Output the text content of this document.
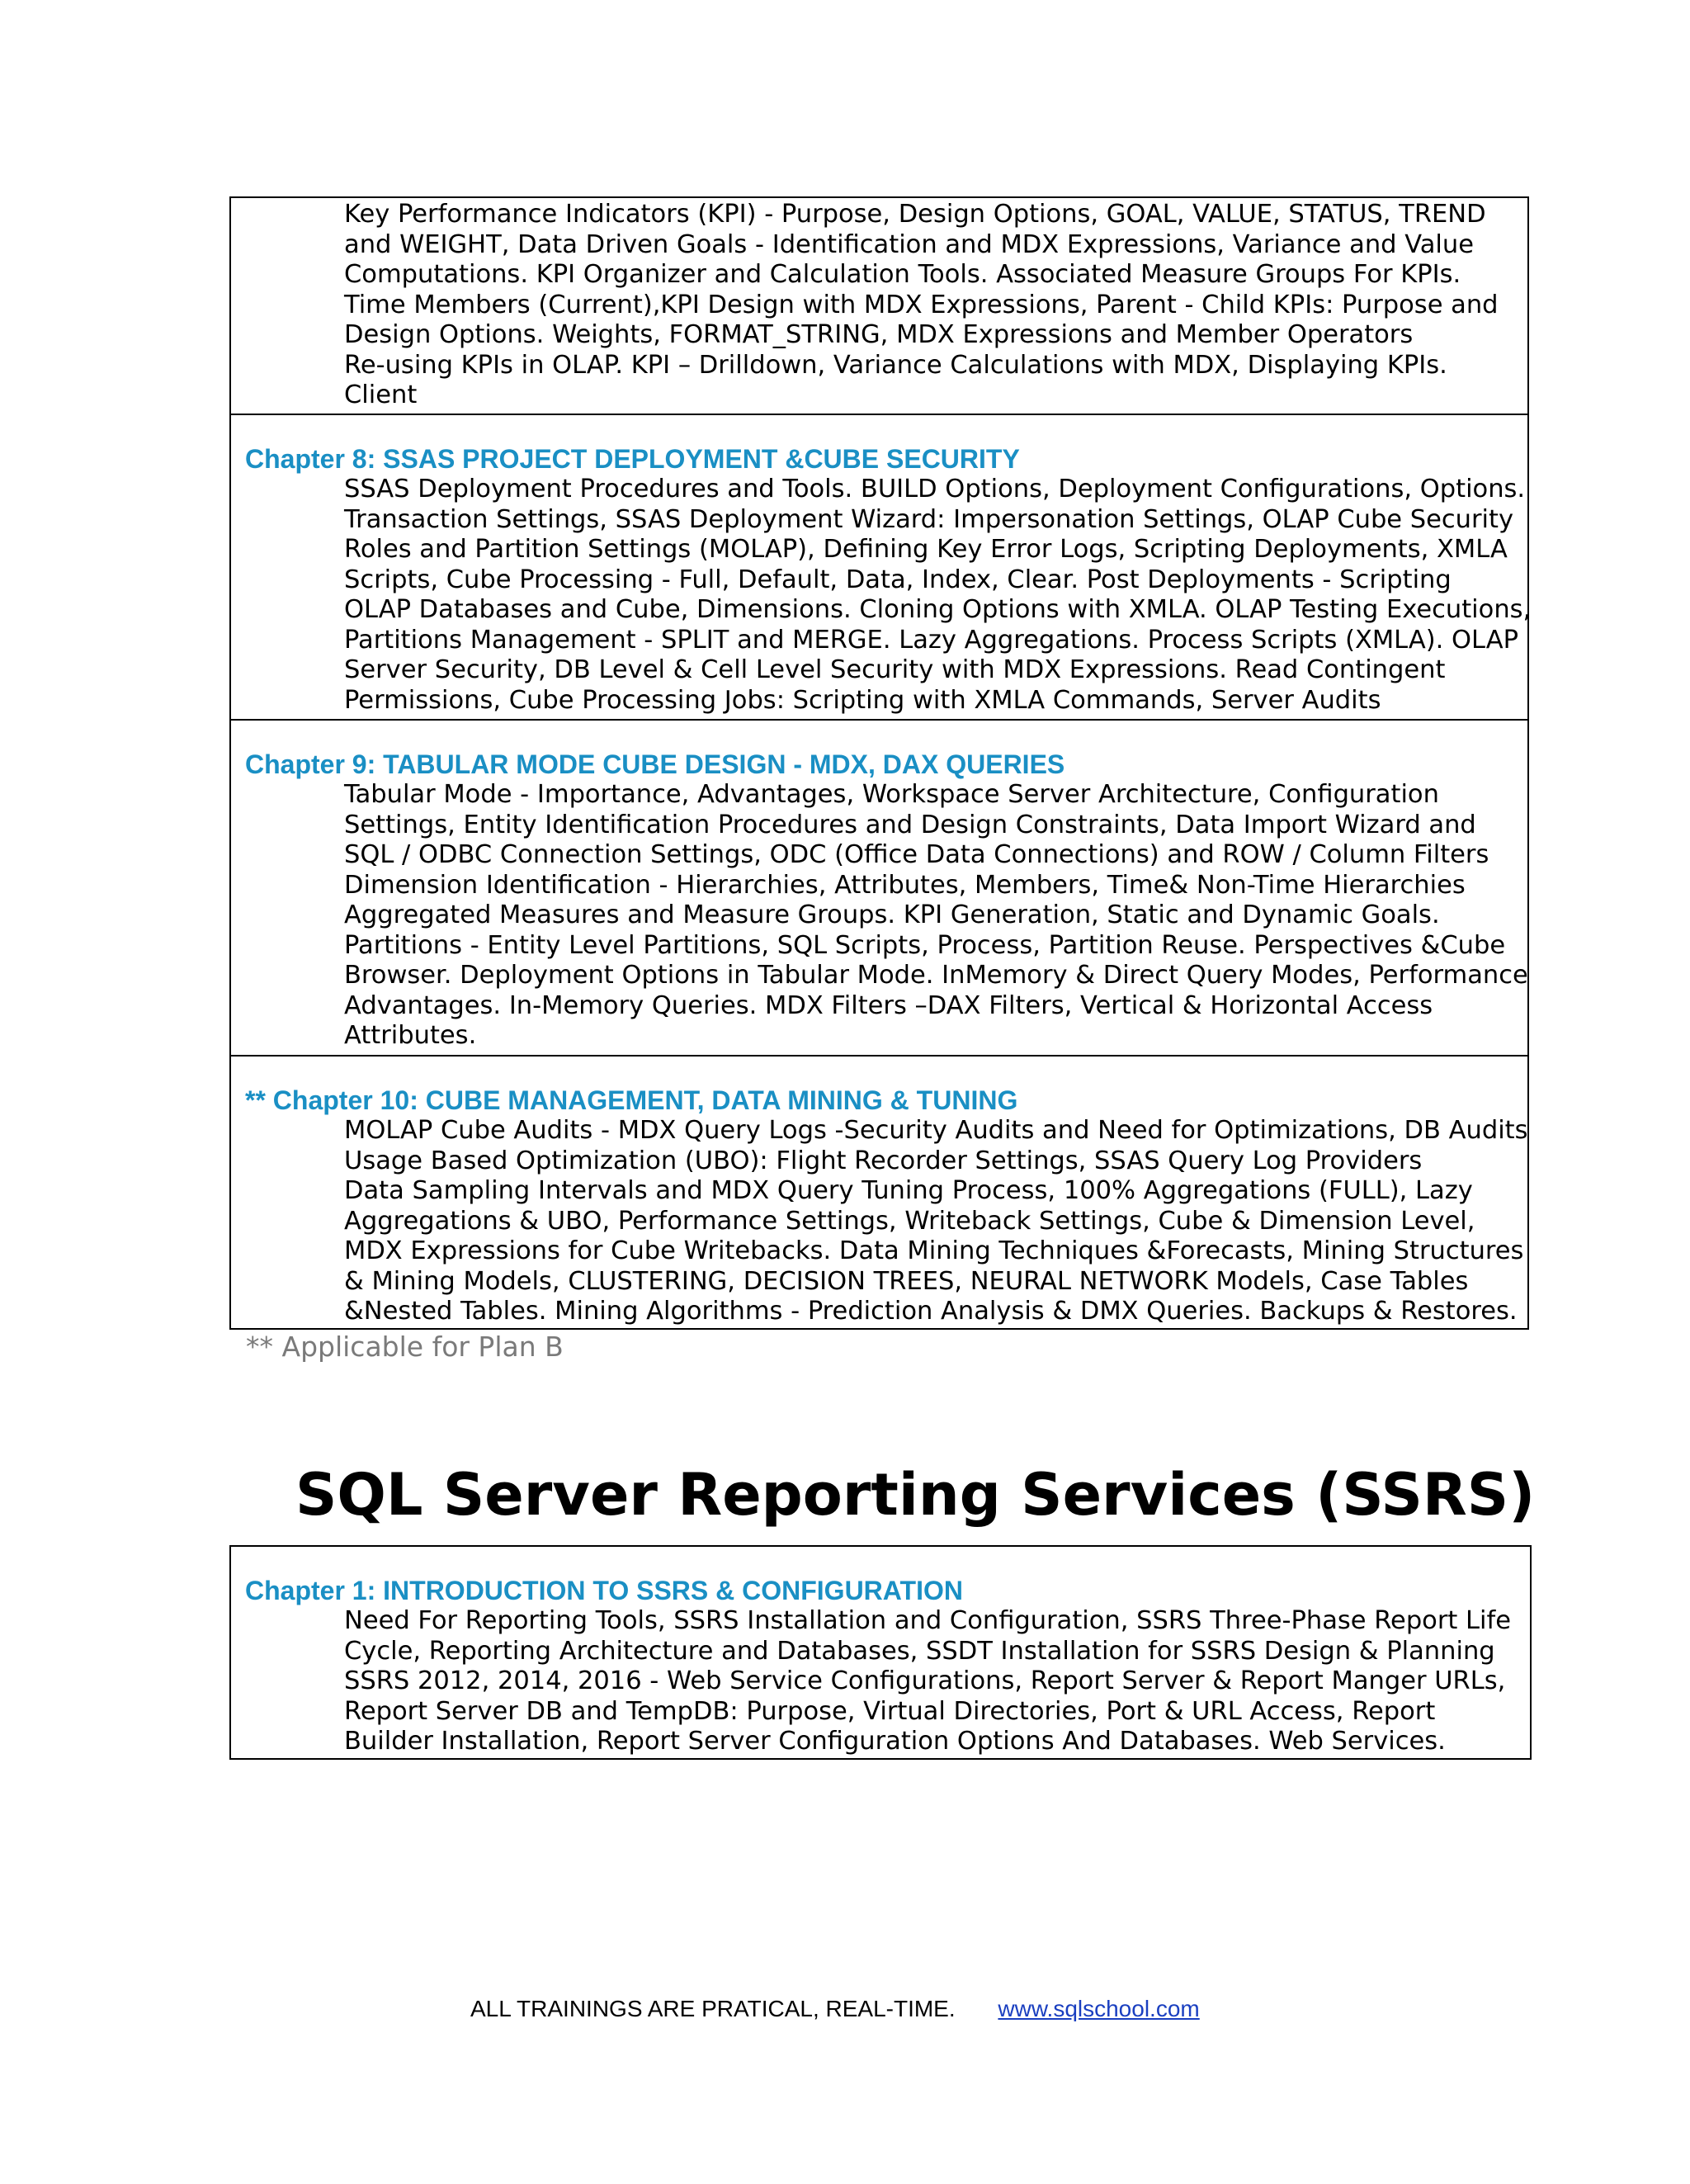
Key Performance Indicators (KPI) - Purpose, Design Options, GOAL, VALUE, STATUS, TREND
and WEIGHT, Data Driven Goals - Identification and MDX Expressions, Variance and Value
Computations. KPI Organizer and Calculation Tools. Associated Measure Groups For KPIs.
Time Members (Current),KPI Design with MDX Expressions, Parent - Child KPIs: Purpose and
Design Options. Weights, FORMAT_STRING, MDX Expressions and Member Operators
Re-using KPIs in OLAP. KPI – Drilldown, Variance Calculations with MDX, Displaying KPIs.
Client
Chapter 8: SSAS PROJECT DEPLOYMENT &CUBE SECURITY
SSAS Deployment Procedures and Tools. BUILD Options, Deployment Configurations, Options.
Transaction Settings, SSAS Deployment Wizard: Impersonation Settings, OLAP Cube Security
Roles and Partition Settings (MOLAP), Defining Key Error Logs, Scripting Deployments, XMLA
Scripts, Cube Processing - Full, Default, Data, Index, Clear. Post Deployments - Scripting
OLAP Databases and Cube, Dimensions. Cloning Options with XMLA. OLAP Testing Executions,
Partitions Management - SPLIT and MERGE. Lazy Aggregations. Process Scripts (XMLA). OLAP
Server Security, DB Level & Cell Level Security with MDX Expressions. Read Contingent
Permissions, Cube Processing Jobs: Scripting with XMLA Commands, Server Audits
Chapter 9: TABULAR MODE CUBE DESIGN - MDX, DAX QUERIES
Tabular Mode - Importance, Advantages, Workspace Server Architecture, Configuration
Settings, Entity Identification Procedures and Design Constraints, Data Import Wizard and
SQL / ODBC Connection Settings, ODC (Office Data Connections) and ROW / Column Filters
Dimension Identification - Hierarchies, Attributes, Members, Time& Non-Time Hierarchies
Aggregated Measures and Measure Groups. KPI Generation, Static and Dynamic Goals.
Partitions - Entity Level Partitions, SQL Scripts, Process, Partition Reuse. Perspectives &Cube
Browser. Deployment Options in Tabular Mode. InMemory & Direct Query Modes, Performance
Advantages. In-Memory Queries. MDX Filters –DAX Filters, Vertical & Horizontal Access
Attributes.
** Chapter 10: CUBE MANAGEMENT, DATA MINING & TUNING
MOLAP Cube Audits - MDX Query Logs -Security Audits and Need for Optimizations, DB Audits
Usage Based Optimization (UBO): Flight Recorder Settings, SSAS Query Log Providers
Data Sampling Intervals and MDX Query Tuning Process, 100% Aggregations (FULL), Lazy
Aggregations & UBO, Performance Settings, Writeback Settings, Cube & Dimension Level,
MDX Expressions for Cube Writebacks. Data Mining Techniques &Forecasts, Mining Structures
& Mining Models, CLUSTERING, DECISION TREES, NEURAL NETWORK Models, Case Tables
&Nested Tables. Mining Algorithms - Prediction Analysis & DMX Queries. Backups & Restores.
** Applicable for Plan B
SQL Server Reporting Services (SSRS)
Chapter 1: INTRODUCTION TO SSRS & CONFIGURATION
Need For Reporting Tools, SSRS Installation and Configuration, SSRS Three-Phase Report Life
Cycle, Reporting Architecture and Databases, SSDT Installation for SSRS Design & Planning
SSRS 2012, 2014, 2016 - Web Service Configurations, Report Server & Report Manger URLs,
Report Server DB and TempDB: Purpose, Virtual Directories, Port & URL Access, Report
Builder Installation, Report Server Configuration Options And Databases. Web Services.
ALL TRAININGS ARE PRATICAL, REAL-TIME. www.sqlschool.com
